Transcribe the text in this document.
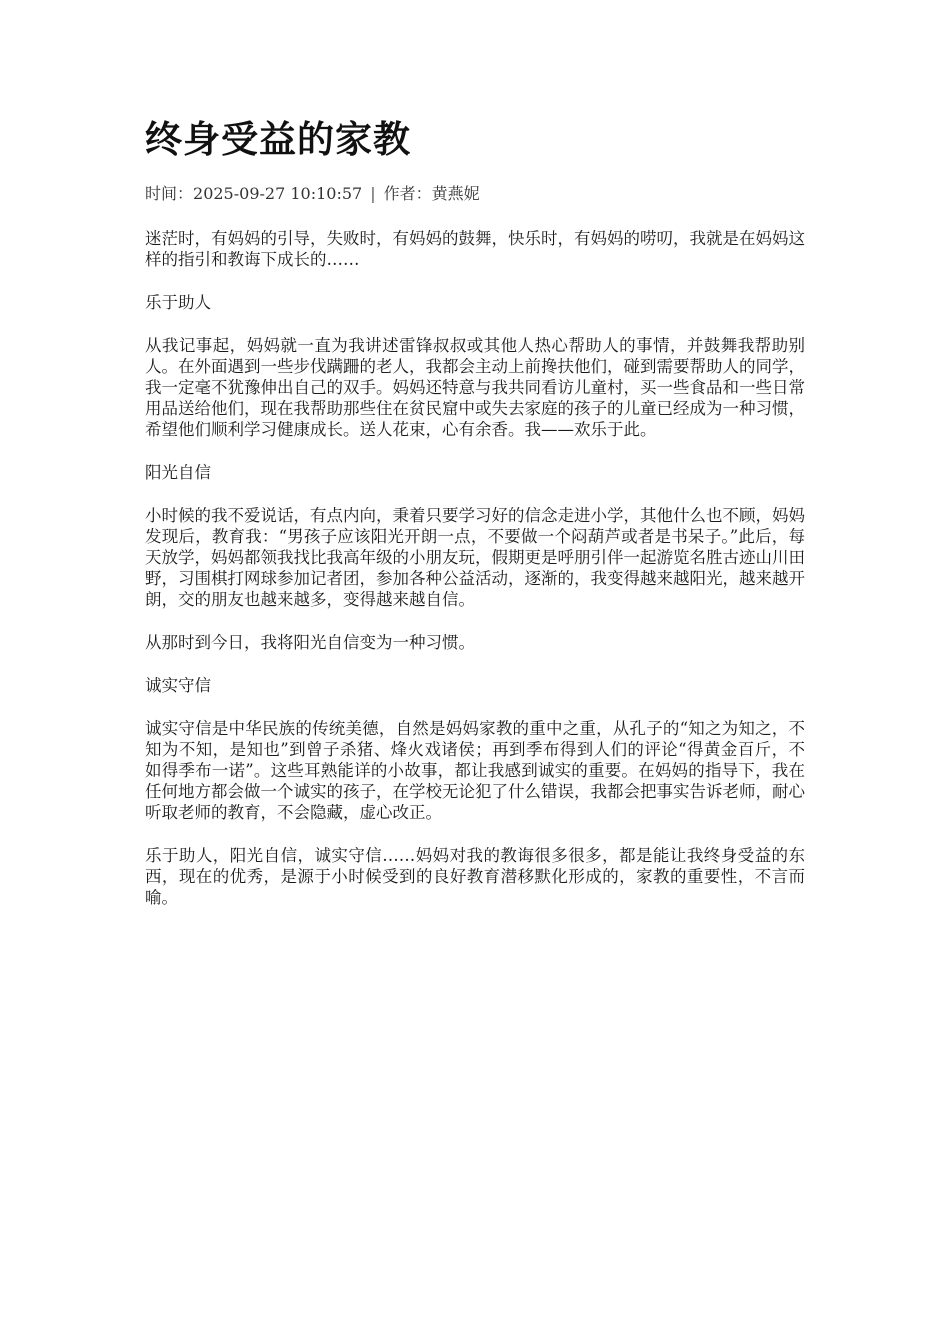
终身受益的家教
时间：2025-09-27 10:10:57 | 作者：黄燕妮

迷茫时，有妈妈的引导，失败时，有妈妈的鼓舞，快乐时，有妈妈的唠叨，我就是在妈妈这样的指引和教诲下成长的……

乐于助人

从我记事起，妈妈就一直为我讲述雷锋叔叔或其他人热心帮助人的事情，并鼓舞我帮助别人。在外面遇到一些步伐蹒跚的老人，我都会主动上前搀扶他们，碰到需要帮助人的同学，我一定毫不犹豫伸出自己的双手。妈妈还特意与我共同看访儿童村，买一些食品和一些日常用品送给他们，现在我帮助那些住在贫民窟中或失去家庭的孩子的儿童已经成为一种习惯，希望他们顺利学习健康成长。送人花束，心有余香。我——欢乐于此。

阳光自信

小时候的我不爱说话，有点内向，秉着只要学习好的信念走进小学，其他什么也不顾，妈妈发现后，教育我：“男孩子应该阳光开朗一点，不要做一个闷葫芦或者是书呆子。”此后，每天放学，妈妈都领我找比我高年级的小朋友玩，假期更是呼朋引伴一起游览名胜古迹山川田野，习围棋打网球参加记者团，参加各种公益活动，逐渐的，我变得越来越阳光，越来越开朗，交的朋友也越来越多，变得越来越自信。

从那时到今日，我将阳光自信变为一种习惯。

诚实守信

诚实守信是中华民族的传统美德，自然是妈妈家教的重中之重，从孔子的“知之为知之，不知为不知，是知也”到曾子杀猪、烽火戏诸侯；再到季布得到人们的评论“得黄金百斤，不如得季布一诺”。这些耳熟能详的小故事，都让我感到诚实的重要。在妈妈的指导下，我在任何地方都会做一个诚实的孩子，在学校无论犯了什么错误，我都会把事实告诉老师，耐心听取老师的教育，不会隐藏，虚心改正。

乐于助人，阳光自信，诚实守信……妈妈对我的教诲很多很多，都是能让我终身受益的东西，现在的优秀，是源于小时候受到的良好教育潜移默化形成的，家教的重要性，不言而喻。
